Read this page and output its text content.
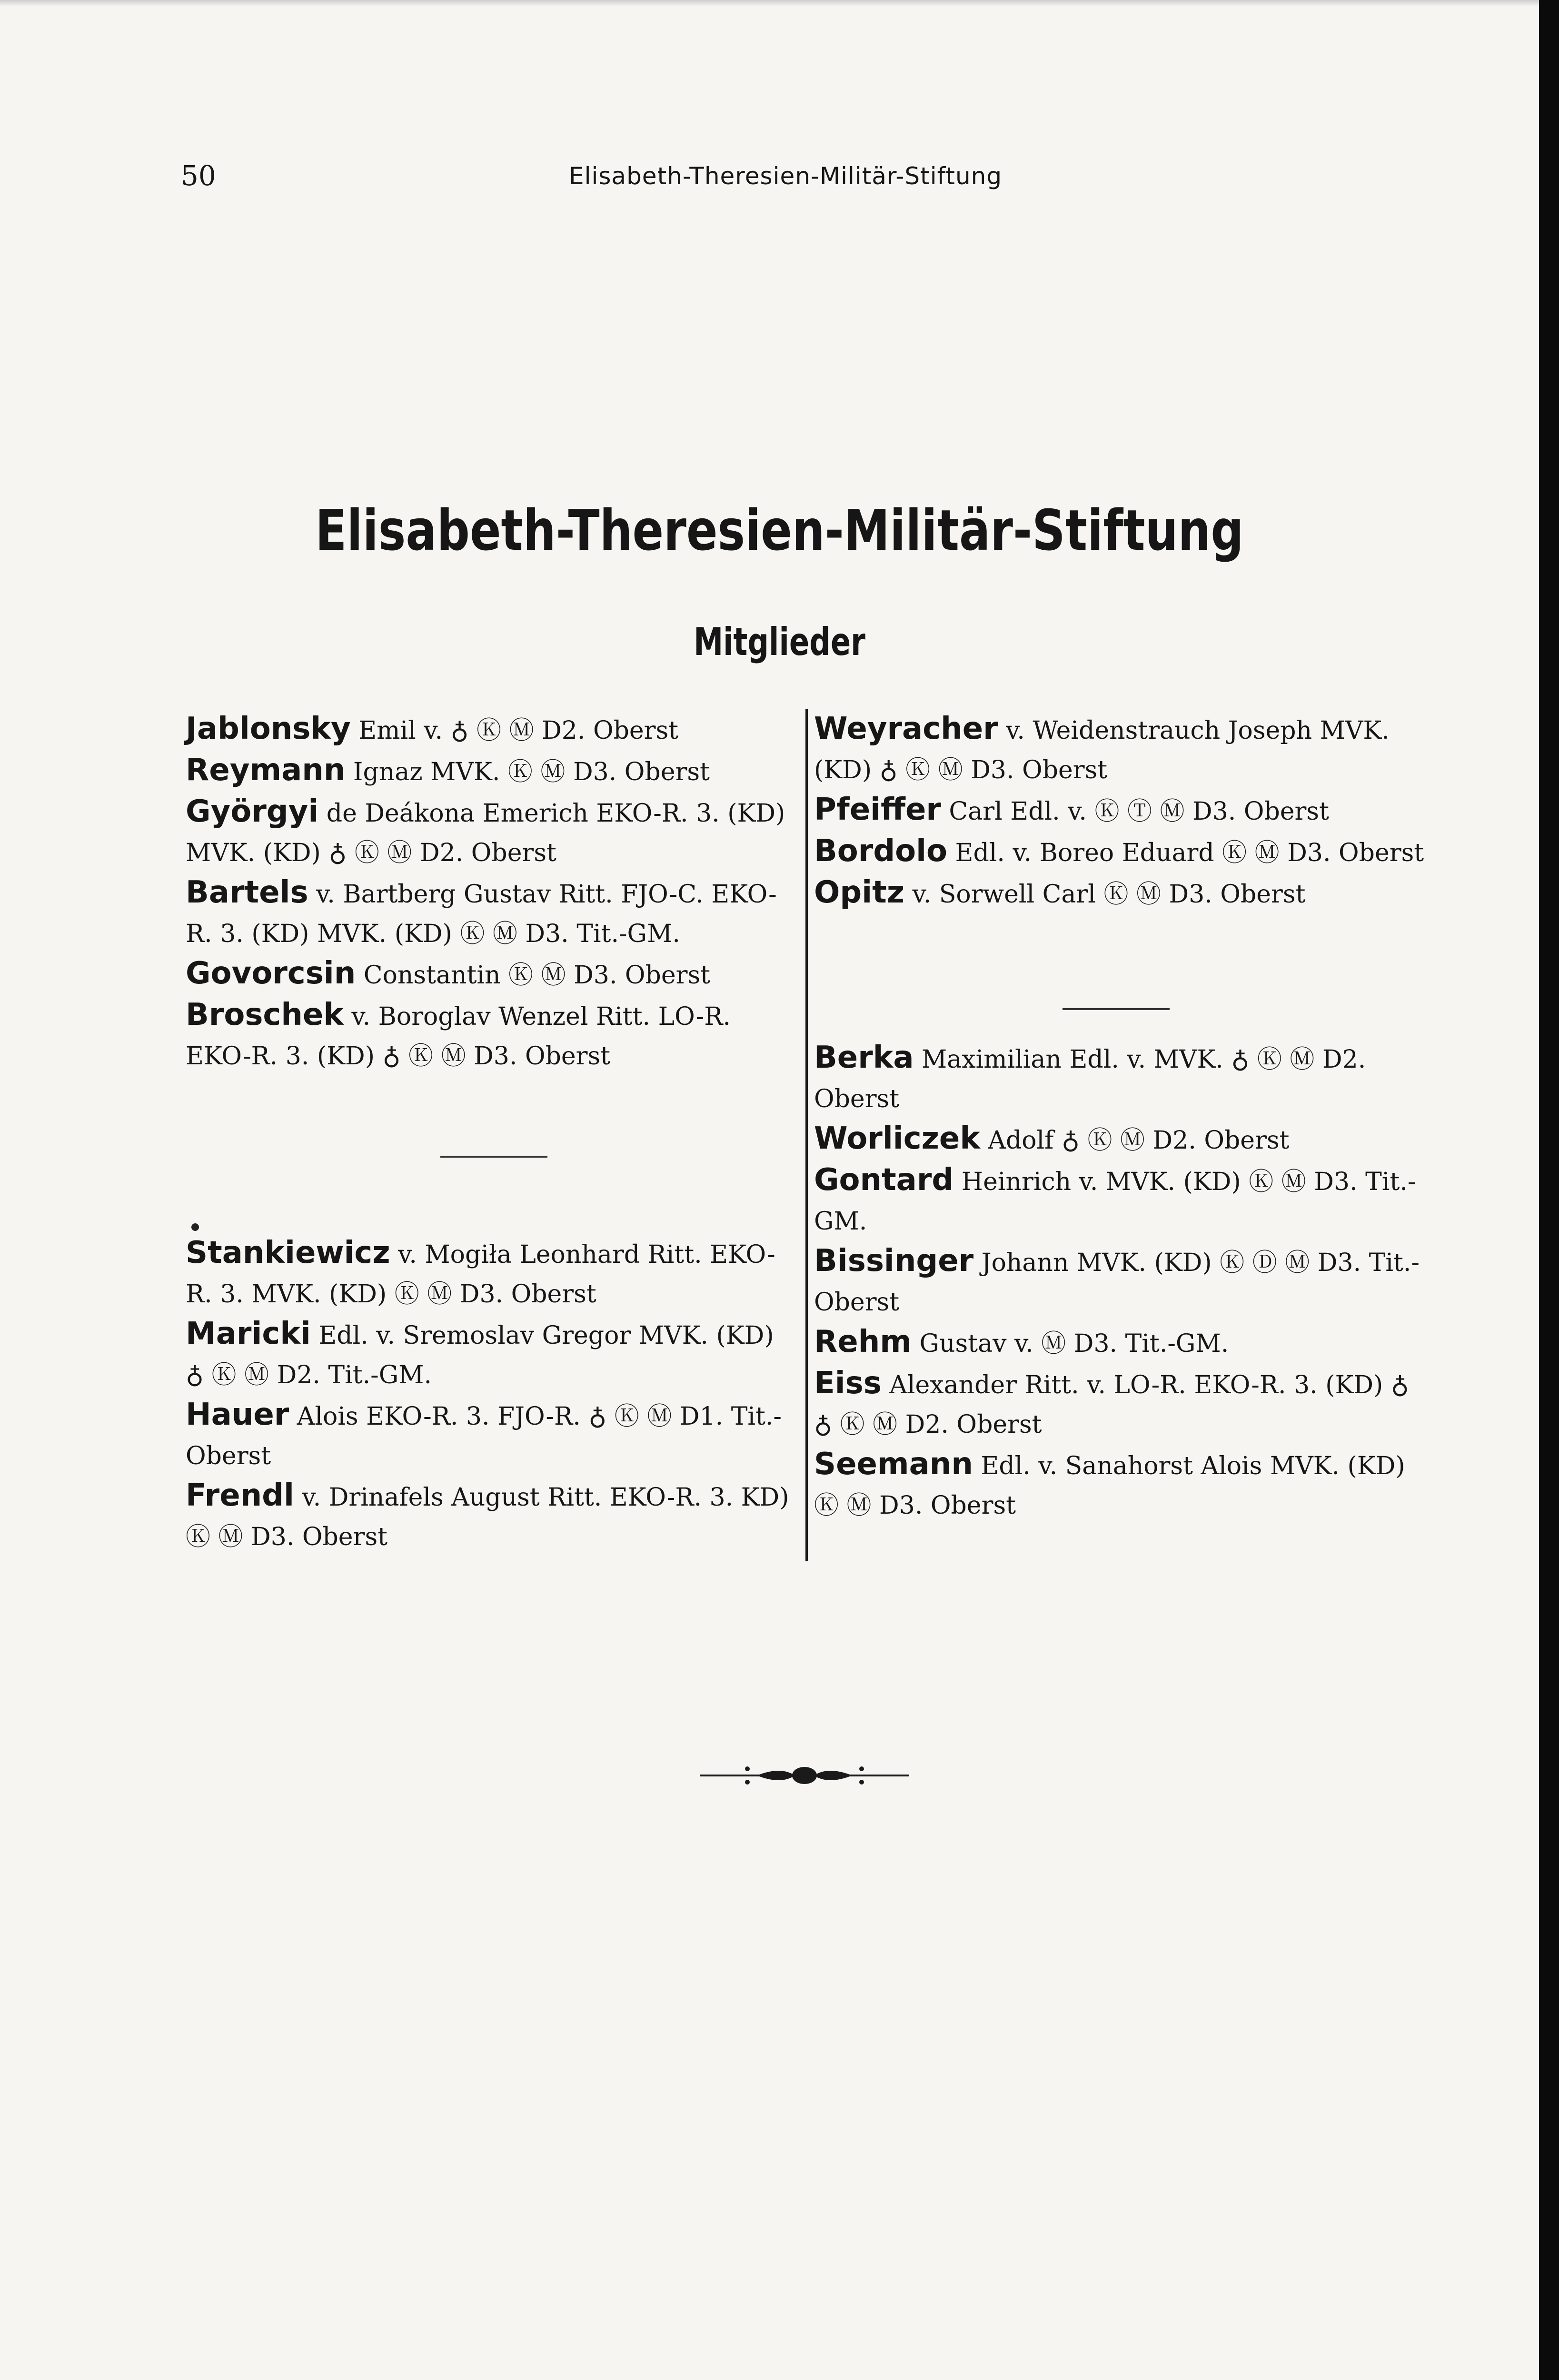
50	Elisabeth-Theresien-Militär-Stiftung
Elisabeth-Theresien-Militär-Stiftung
Mitglieder
Jablonsky Emil v. ♁ Ⓚ Ⓜ D2. Oberst
Reymann Ignaz MVK. Ⓚ Ⓜ D3. Oberst
Györgyi de Deákona Emerich EKO-R. 3. (KD) MVK. (KD) ♁ Ⓚ Ⓜ D2. Oberst
Bartels v. Bartberg Gustav Ritt. FJO-C. EKO-R. 3. (KD) MVK. (KD) Ⓚ Ⓜ D3. Tit.-GM.
Govorcsin Constantin Ⓚ Ⓜ D3. Oberst
Broschek v. Boroglav Wenzel Ritt. LO-R. EKO-R. 3. (KD) ♁ Ⓚ Ⓜ D3. Oberst
Stankiewicz v. Mogiła Leonhard Ritt. EKO-R. 3. MVK. (KD) Ⓚ Ⓜ D3. Oberst
Maricki Edl. v. Sremoslav Gregor MVK. (KD) ♁ Ⓚ Ⓜ D2. Tit.-GM.
Hauer Alois EKO-R. 3. FJO-R. ♁ Ⓚ Ⓜ D1. Tit.-Oberst
Frendl v. Drinafels August Ritt. EKO-R. 3. KD) Ⓚ Ⓜ D3. Oberst
Weyracher v. Weidenstrauch Joseph MVK. (KD) ♁ Ⓚ Ⓜ D3. Oberst
Pfeiffer Carl Edl. v. Ⓚ Ⓣ Ⓜ D3. Oberst
Bordolo Edl. v. Boreo Eduard Ⓚ Ⓜ D3. Oberst
Opitz v. Sorwell Carl Ⓚ Ⓜ D3. Oberst
Berka Maximilian Edl. v. MVK. ♁ Ⓚ Ⓜ D2. Oberst
Worliczek Adolf ♁ Ⓚ Ⓜ D2. Oberst
Gontard Heinrich v. MVK. (KD) Ⓚ Ⓜ D3. Tit.-GM.
Bissinger Johann MVK. (KD) Ⓚ Ⓓ Ⓜ D3. Tit.-Oberst
Rehm Gustav v. Ⓜ D3. Tit.-GM.
Eiss Alexander Ritt. v. LO-R. EKO-R. 3. (KD) ♁ ♁ Ⓚ Ⓜ D2. Oberst
Seemann Edl. v. Sanahorst Alois MVK. (KD) Ⓚ Ⓜ D3. Oberst
